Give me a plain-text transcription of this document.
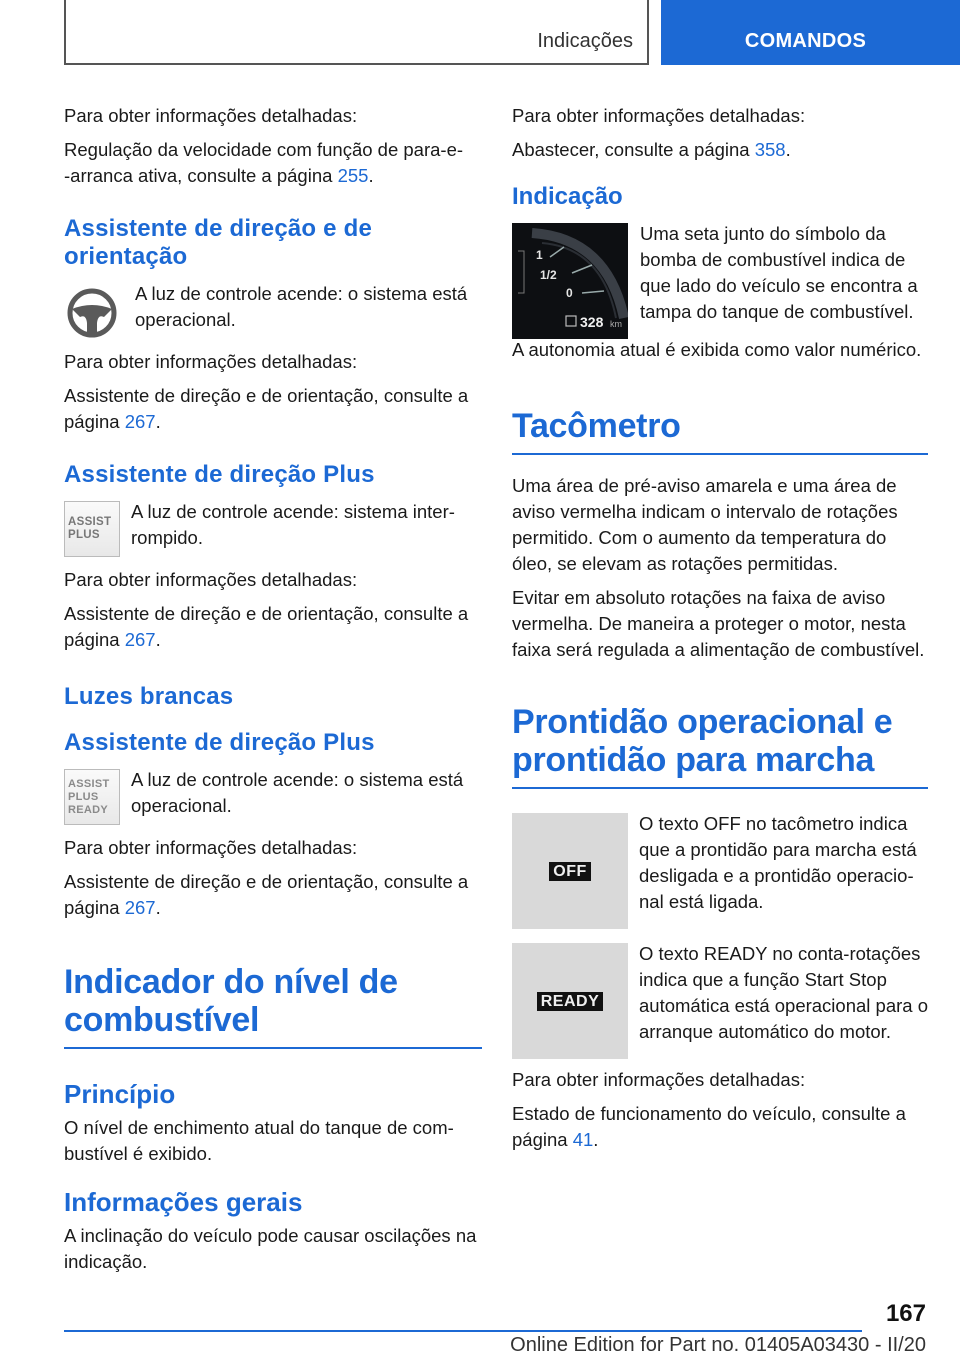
Indicações	COMANDOS

Para obter informações detalhadas:

Regulação da velocidade com função de para-e-‑arranca ativa, consulte a página 255.

Assistente de direção e de orientação

A luz de controle acende: o sistema está operacional.

Para obter informações detalhadas:

Assistente de direção e de orientação, consulte a página 267.

Assistente de direção Plus
ASSIST
PLUS

A luz de controle acende: sistema interrompido.

Para obter informações detalhadas:

Assistente de direção e de orientação, consulte a página 267.

Luzes brancas
Assistente de direção Plus
ASSIST
PLUS
READY

A luz de controle acende: o sistema está operacional.

Para obter informações detalhadas:

Assistente de direção e de orientação, consulte a página 267.

Indicador do nível de combustível
Princípio

O nível de enchimento atual do tanque de combustível é exibido.

Informações gerais

A inclinação do veículo pode causar oscilações na indicação.

Para obter informações detalhadas:

Abastecer, consulte a página 358.

Indicação
1
1/2
0
328 km

Uma seta junto do símbolo da bomba de combustível indica de que lado do veículo se encontra a tampa do tanque de combustível.

A autonomia atual é exibida como valor numérico.

Tacômetro

Uma área de pré-aviso amarela e uma área de aviso vermelha indicam o intervalo de rotações permitido. Com o aumento da temperatura do óleo, se elevam as rotações permitidas.

Evitar em absoluto rotações na faixa de aviso vermelha. De maneira a proteger o motor, nesta faixa será regulada a alimentação de combustível.

Prontidão operacional e prontidão para marcha
OFF

O texto OFF no tacômetro indica que a prontidão para marcha está desligada e a prontidão operacional está ligada.

READY

O texto READY no conta-rotações indica que a função Start Stop automática está operacional para o arranque automático do motor.

Para obter informações detalhadas:

Estado de funcionamento do veículo, consulte a página 41.

167
Online Edition for Part no. 01405A03430 - II/20
